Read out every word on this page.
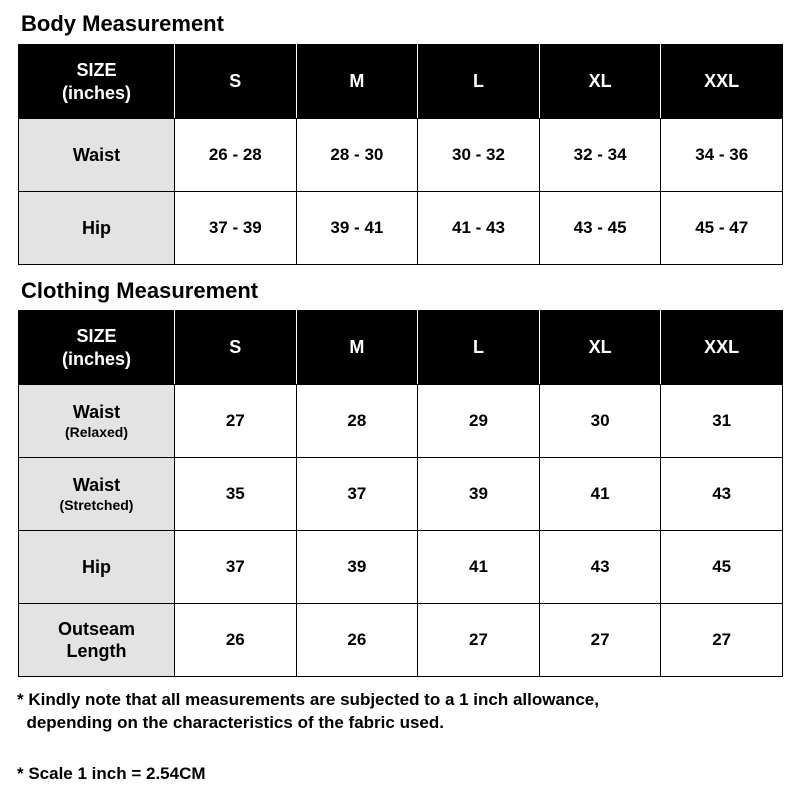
Body Measurement
SIZE
(inches)	S	M	L	XL	XXL

Waist	26 - 28	28 - 30	30 - 32	32 - 34	34 - 36

Hip	37 - 39	39 - 41	41 - 43	43 - 45	45 - 47
Clothing Measurement
SIZE
(inches)	S	M	L	XL	XXL

Waist
(Relaxed)	27	28	29	30	31

Waist
(Stretched)	35	37	39	41	43

Hip	37	39	41	43	45

Outseam
Length	26	26	27	27	27
* Kindly note that all measurements are subjected to a 1 inch allowance,
depending on the characteristics of the fabric used.
* Scale 1 inch = 2.54CM
